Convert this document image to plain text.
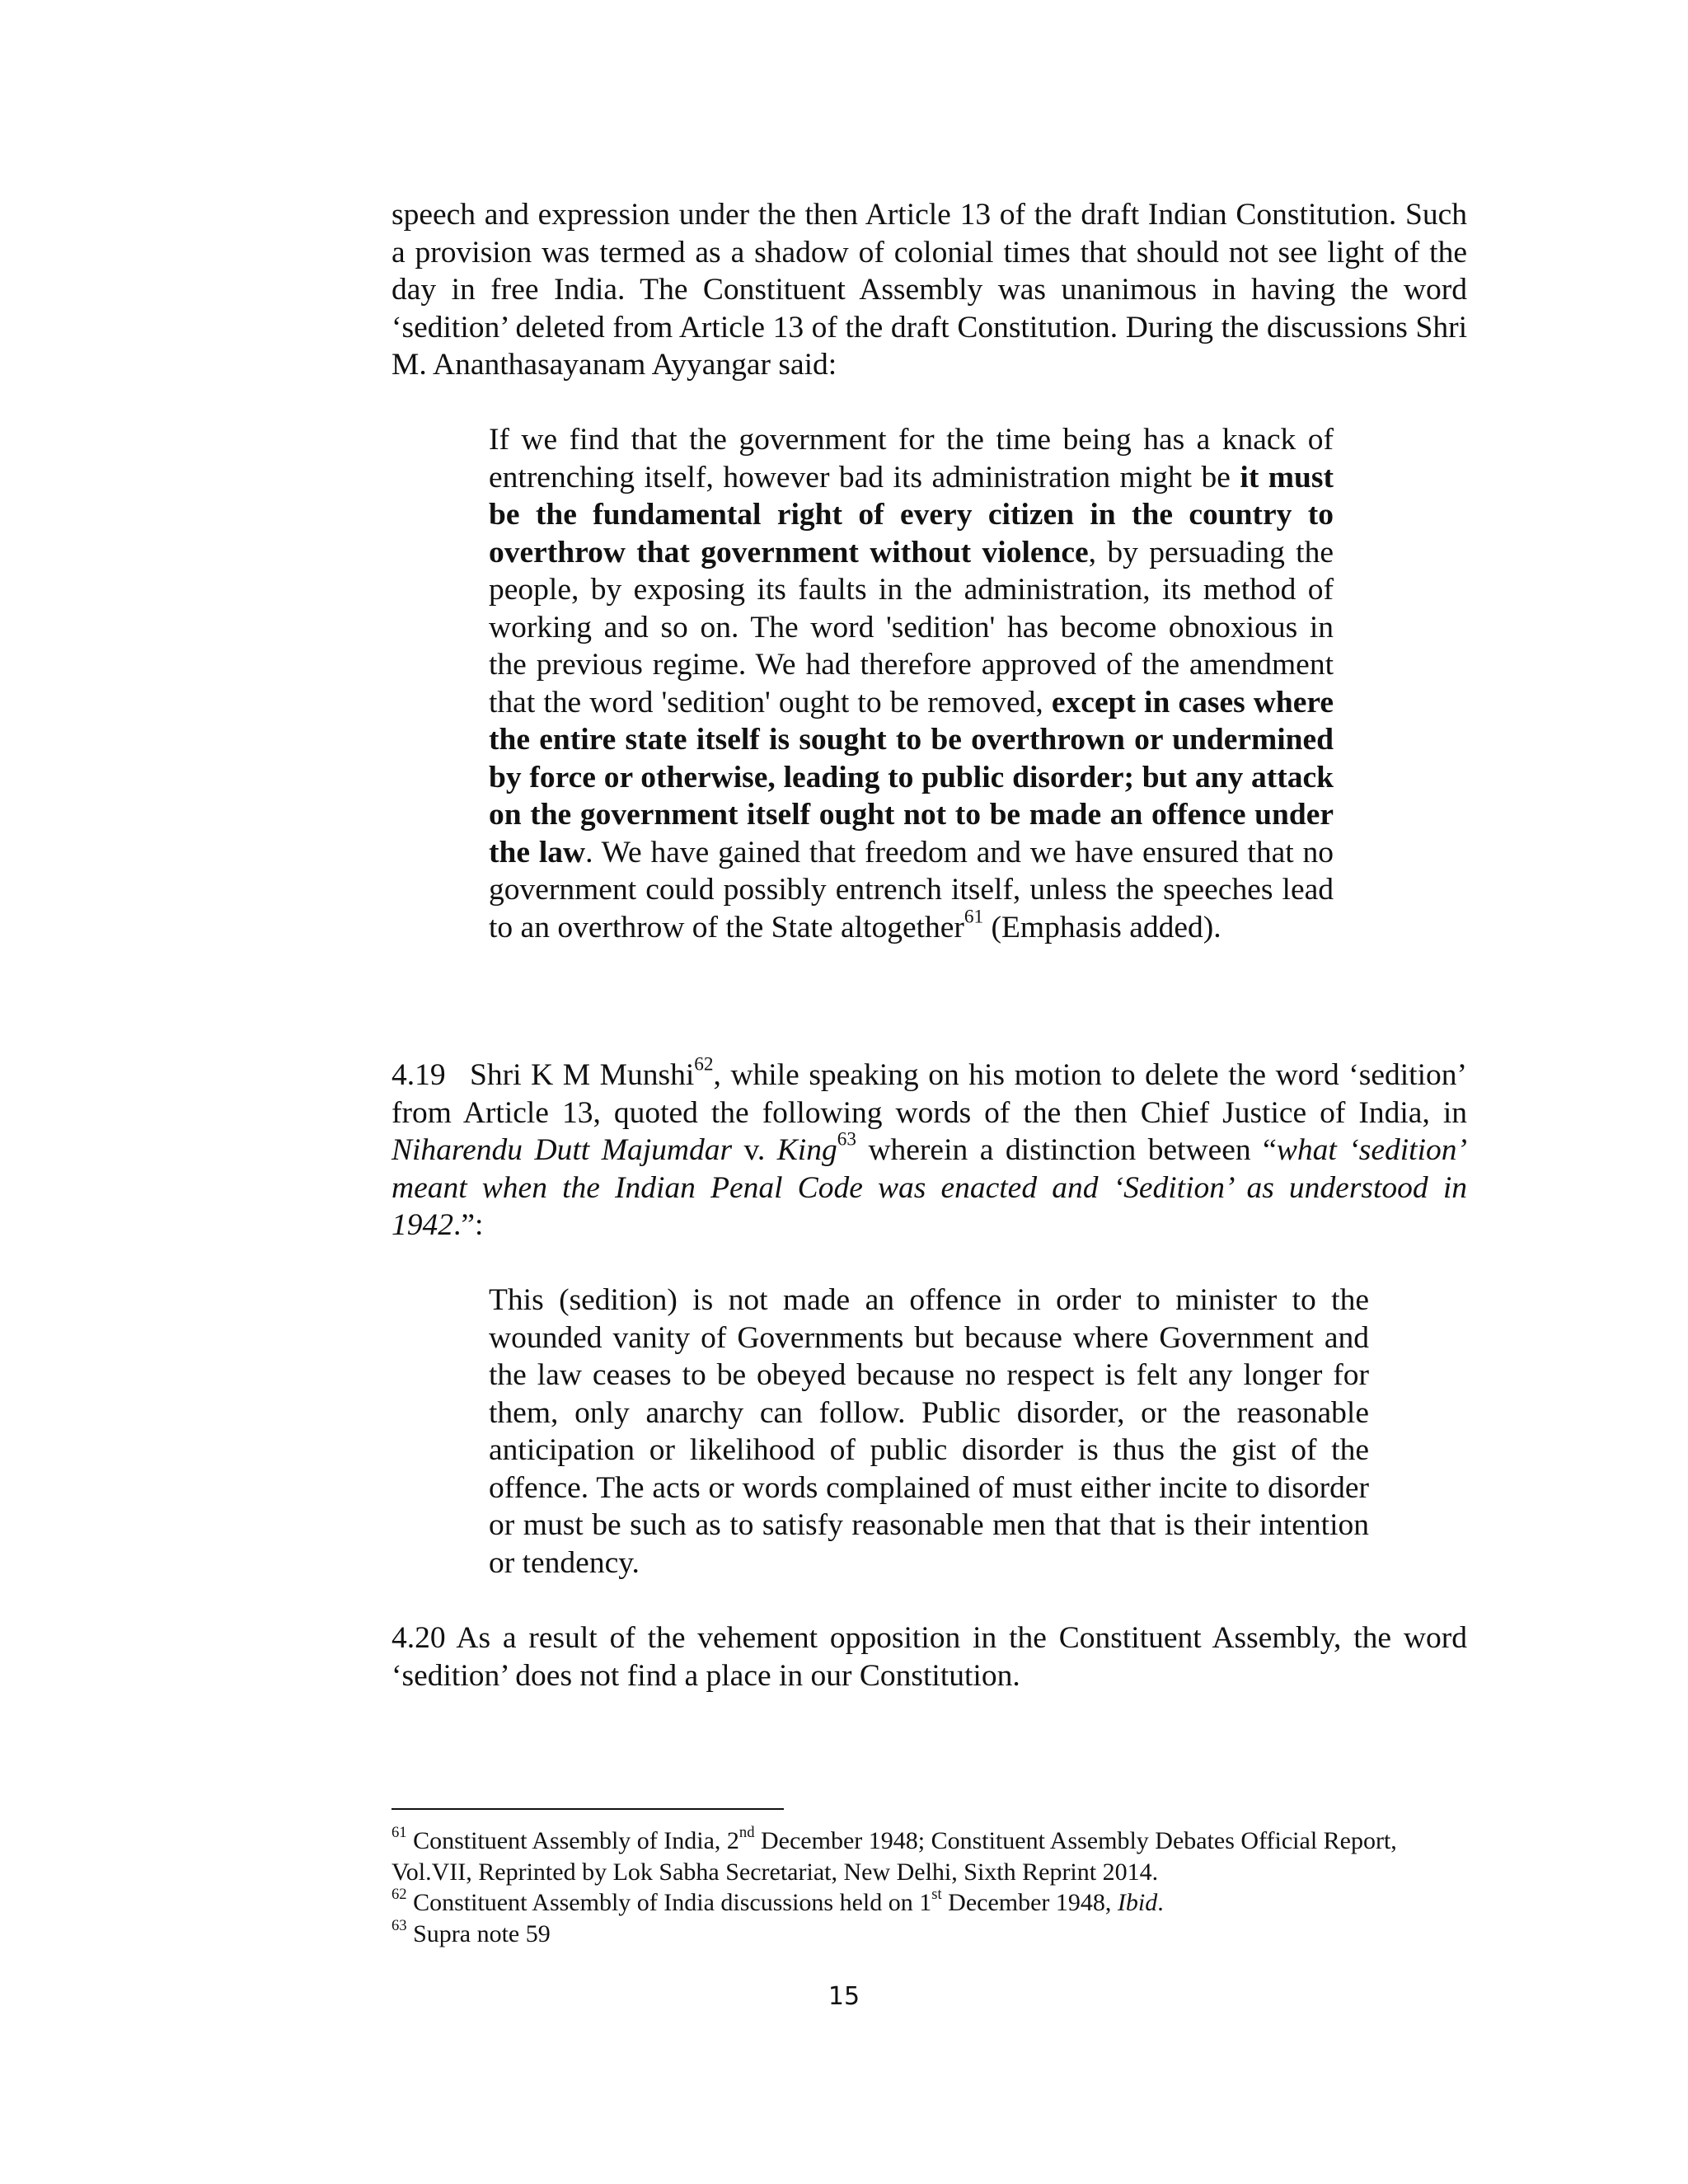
speech and expression under the then Article 13 of the draft Indian Constitution. Such a provision was termed as a shadow of colonial times that should not see light of the day in free India. The Constituent Assembly was unanimous in having the word ‘sedition’ deleted from Article 13 of the draft Constitution. During the discussions Shri M. Ananthasayanam Ayyangar said:

If we find that the government for the time being has a knack of entrenching itself, however bad its administration might be it must be the fundamental right of every citizen in the country to overthrow that government without violence, by persuading the people, by exposing its faults in the administration, its method of working and so on. The word 'sedition' has become obnoxious in the previous regime. We had therefore approved of the amendment that the word 'sedition' ought to be removed, except in cases where the entire state itself is sought to be overthrown or undermined by force or otherwise, leading to public disorder; but any attack on the government itself ought not to be made an offence under the law. We have gained that freedom and we have ensured that no government could possibly entrench itself, unless the speeches lead to an overthrow of the State altogether$^{61}$ (Emphasis added).

4.19 Shri K M Munshi$^{62}$, while speaking on his motion to delete the word ‘sedition’ from Article 13, quoted the following words of the then Chief Justice of India, in Niharendu Dutt Majumdar v. King$^{63}$ wherein a distinction between “what ‘sedition’ meant when the Indian Penal Code was enacted and ‘Sedition’ as understood in 1942.”:

This (sedition) is not made an offence in order to minister to the wounded vanity of Governments but because where Government and the law ceases to be obeyed because no respect is felt any longer for them, only anarchy can follow. Public disorder, or the reasonable anticipation or likelihood of public disorder is thus the gist of the offence. The acts or words complained of must either incite to disorder or must be such as to satisfy reasonable men that that is their intention or tendency.

4.20 As a result of the vehement opposition in the Constituent Assembly, the word ‘sedition’ does not find a place in our Constitution.

$^{61}$ Constituent Assembly of India, 2nd December 1948; Constituent Assembly Debates Official Report, Vol.VII, Reprinted by Lok Sabha Secretariat, New Delhi, Sixth Reprint 2014.
$^{62}$ Constituent Assembly of India discussions held on 1st December 1948, Ibid.
$^{63}$ Supra note 59
15
